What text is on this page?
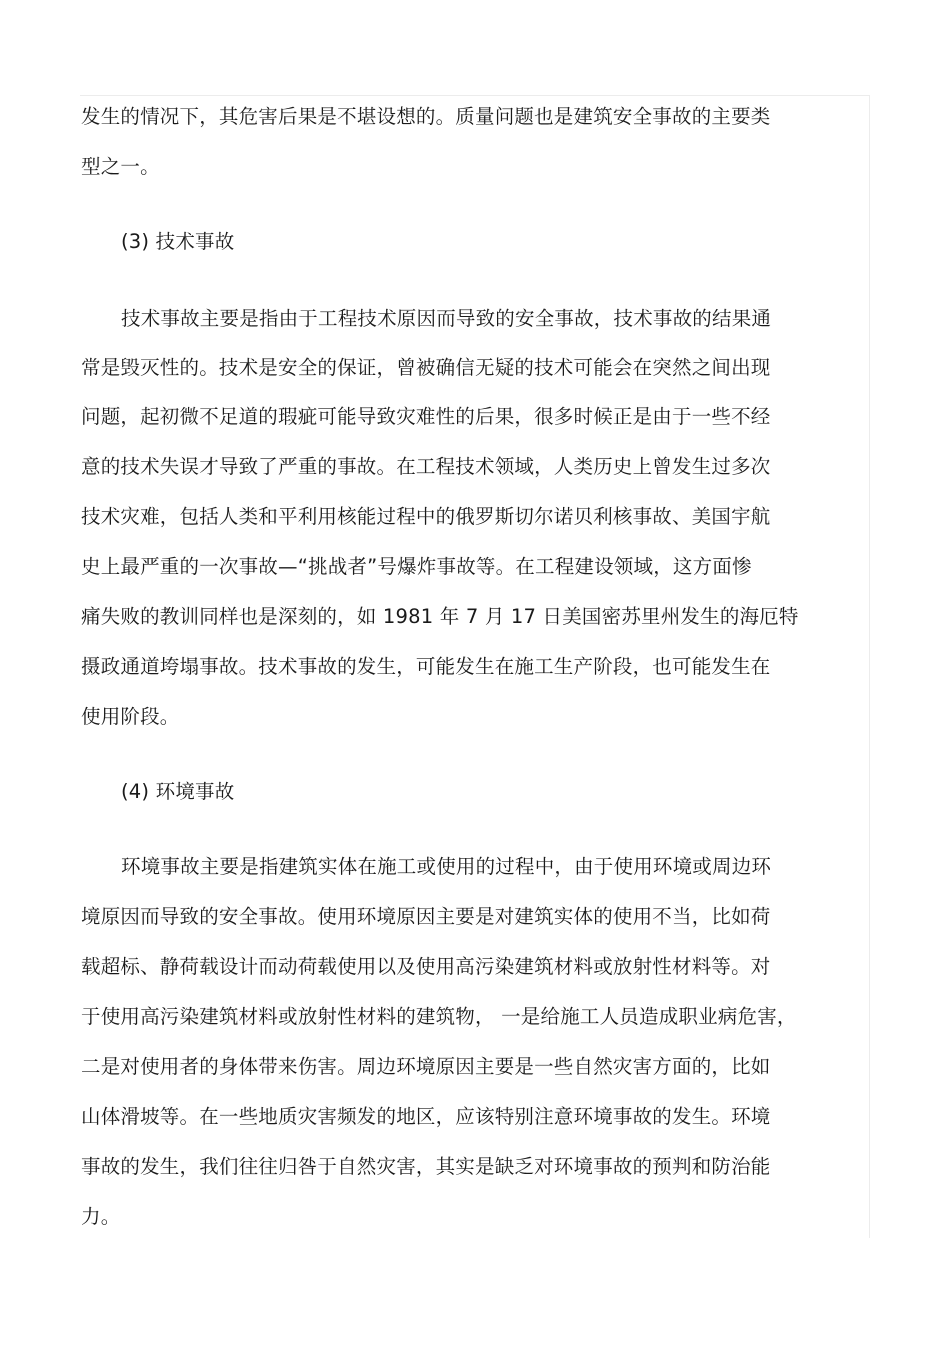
发生的情况下，其危害后果是不堪设想的。质量问题也是建筑安全事故的主要类
型之一。
(3) 技术事故
技术事故主要是指由于工程技术原因而导致的安全事故，技术事故的结果通
常是毁灭性的。技术是安全的保证，曾被确信无疑的技术可能会在突然之间出现
问题，起初微不足道的瑕疵可能导致灾难性的后果，很多时候正是由于一些不经
意的技术失误才导致了严重的事故。在工程技术领域，人类历史上曾发生过多次
技术灾难，包括人类和平利用核能过程中的俄罗斯切尔诺贝利核事故、美国宇航
史上最严重的一次事故—“挑战者”号爆炸事故等。在工程建设领域，这方面惨
痛失败的教训同样也是深刻的，如 1981 年 7 月 17 日美国密苏里州发生的海厄特
摄政通道垮塌事故。技术事故的发生，可能发生在施工生产阶段，也可能发生在
使用阶段。
(4) 环境事故
环境事故主要是指建筑实体在施工或使用的过程中，由于使用环境或周边环
境原因而导致的安全事故。使用环境原因主要是对建筑实体的使用不当，比如荷
载超标、静荷载设计而动荷载使用以及使用高污染建筑材料或放射性材料等。对
于使用高污染建筑材料或放射性材料的建筑物， 一是给施工人员造成职业病危害，
二是对使用者的身体带来伤害。周边环境原因主要是一些自然灾害方面的，比如
山体滑坡等。在一些地质灾害频发的地区，应该特别注意环境事故的发生。环境
事故的发生，我们往往归咎于自然灾害，其实是缺乏对环境事故的预判和防治能
力。
